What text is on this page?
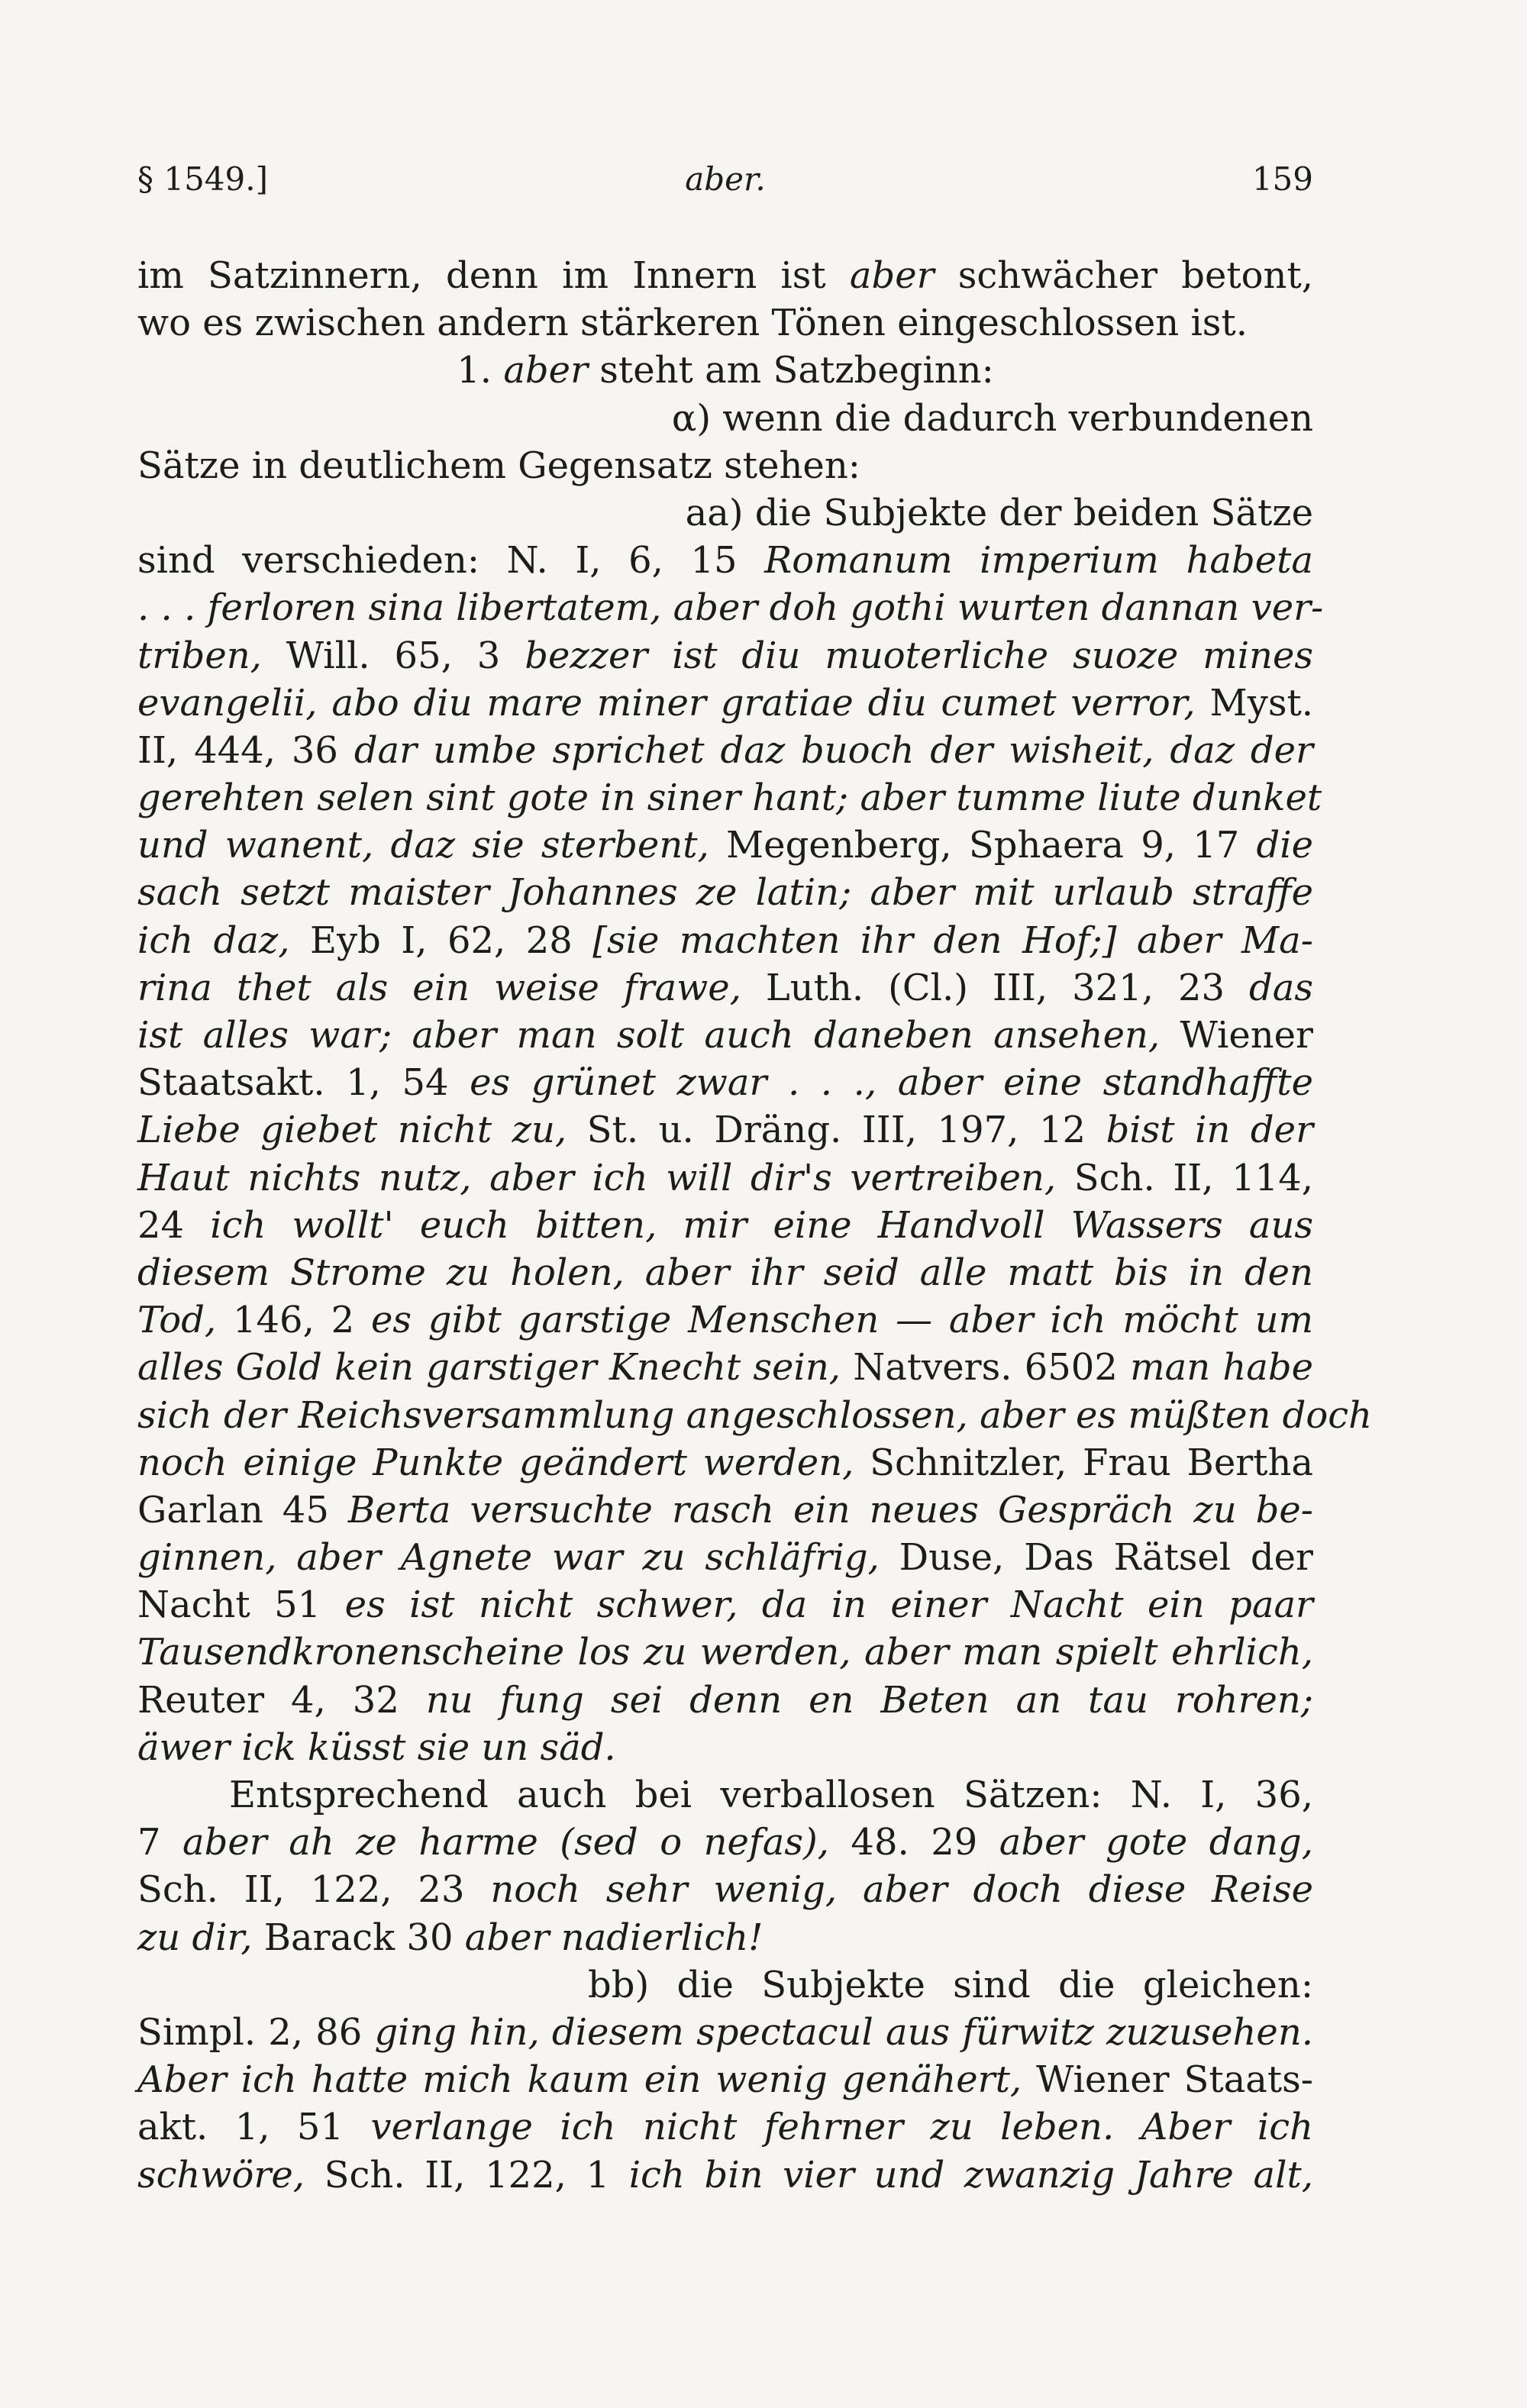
§ 1549.]	aber.	159
im Satzinnern, denn im Innern ist aber schwächer betont,
wo es zwischen andern stärkeren Tönen eingeschlossen ist.
1. aber steht am Satzbeginn:
α) wenn die dadurch verbundenen
Sätze in deutlichem Gegensatz stehen:
aa) die Subjekte der beiden Sätze
sind verschieden: N. I, 6, 15 Romanum imperium habeta
. . . ferloren sina libertatem, aber doh gothi wurten dannan ver-
triben, Will. 65, 3 bezzer ist diu muoterliche suoze mines
evangelii, abo diu mare miner gratiae diu cumet verror, Myst.
II, 444, 36 dar umbe sprichet daz buoch der wisheit, daz der
gerehten selen sint gote in siner hant; aber tumme liute dunket
und wanent, daz sie sterbent, Megenberg, Sphaera 9, 17 die
sach setzt maister Johannes ze latin; aber mit urlaub straffe
ich daz, Eyb I, 62, 28 [sie machten ihr den Hof;] aber Ma-
rina thet als ein weise frawe, Luth. (Cl.) III, 321, 23 das
ist alles war; aber man solt auch daneben ansehen, Wiener
Staatsakt. 1, 54 es grünet zwar . . ., aber eine standhaffte
Liebe giebet nicht zu, St. u. Dräng. III, 197, 12 bist in der
Haut nichts nutz, aber ich will dir's vertreiben, Sch. II, 114,
24 ich wollt' euch bitten, mir eine Handvoll Wassers aus
diesem Strome zu holen, aber ihr seid alle matt bis in den
Tod, 146, 2 es gibt garstige Menschen — aber ich möcht um
alles Gold kein garstiger Knecht sein, Natvers. 6502 man habe
sich der Reichsversammlung angeschlossen, aber es müßten doch
noch einige Punkte geändert werden, Schnitzler, Frau Bertha
Garlan 45 Berta versuchte rasch ein neues Gespräch zu be-
ginnen, aber Agnete war zu schläfrig, Duse, Das Rätsel der
Nacht 51 es ist nicht schwer, da in einer Nacht ein paar
Tausendkronenscheine los zu werden, aber man spielt ehrlich,
Reuter 4, 32 nu fung sei denn en Beten an tau rohren;
äwer ick küsst sie un säd.
Entsprechend auch bei verballosen Sätzen: N. I, 36,
7 aber ah ze harme (sed o nefas), 48. 29 aber gote dang,
Sch. II, 122, 23 noch sehr wenig, aber doch diese Reise
zu dir, Barack 30 aber nadierlich!
bb) die Subjekte sind die gleichen:
Simpl. 2, 86 ging hin, diesem spectacul aus fürwitz zuzusehen.
Aber ich hatte mich kaum ein wenig genähert, Wiener Staats-
akt. 1, 51 verlange ich nicht fehrner zu leben. Aber ich
schwöre, Sch. II, 122, 1 ich bin vier und zwanzig Jahre alt,
